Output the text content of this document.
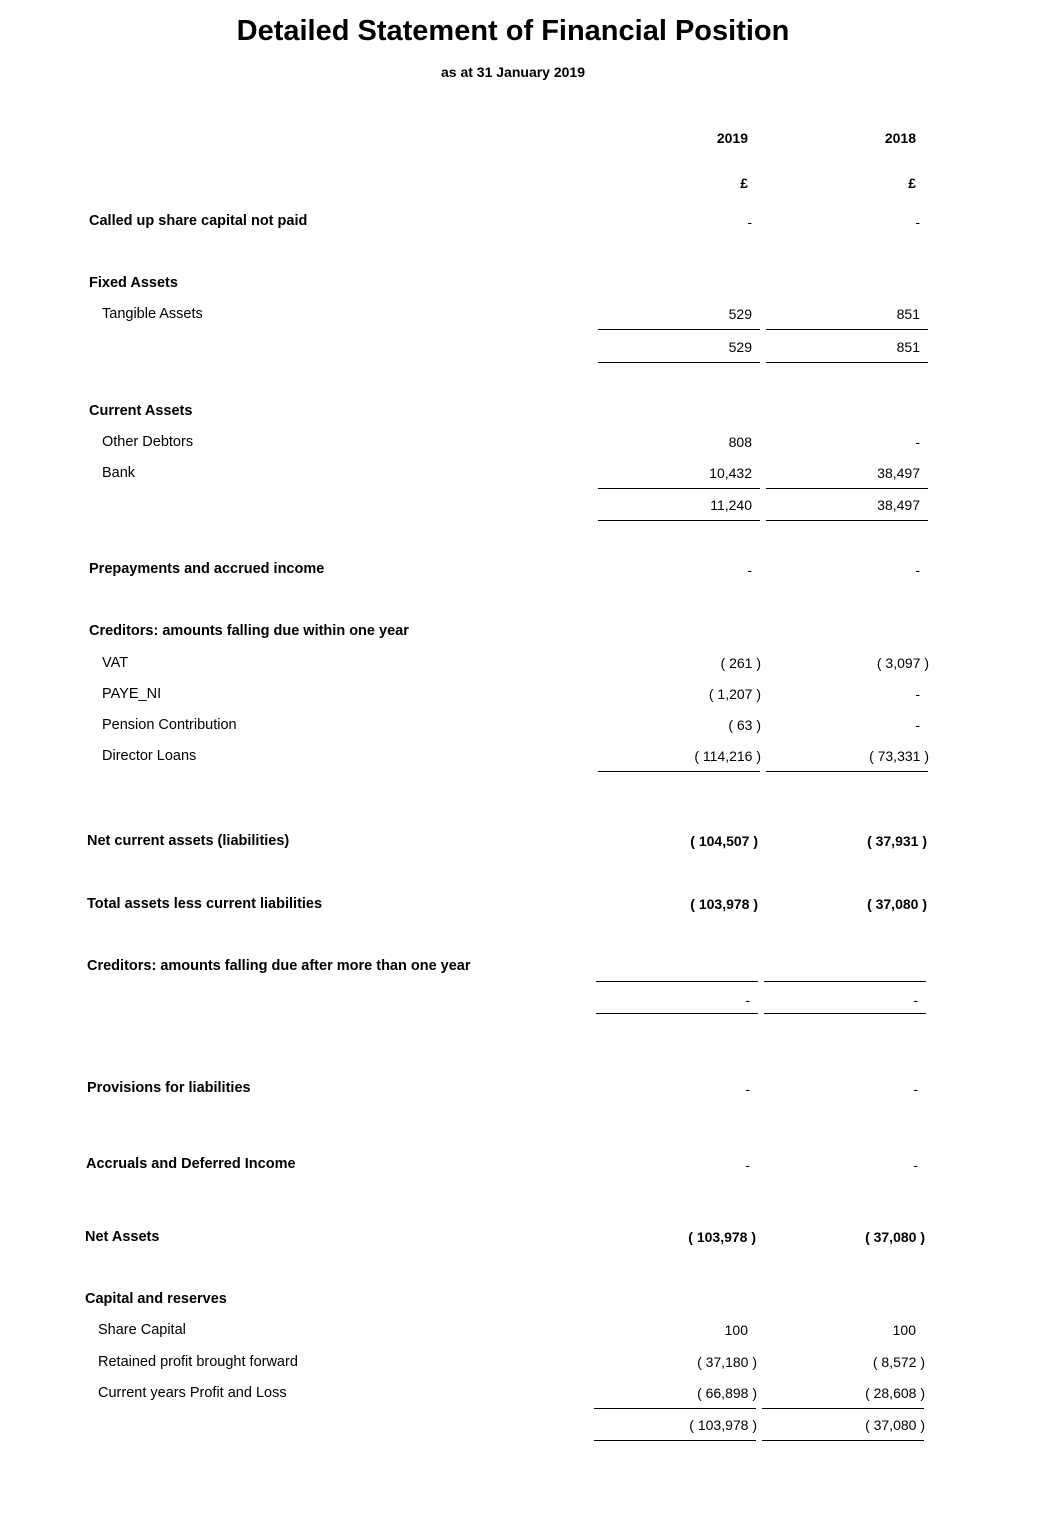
Detailed Statement of Financial Position
as at 31 January 2019
2019	2018
£	£
Called up share capital not paid	-	-
Fixed Assets
Tangible Assets	529	851
529	851
Current Assets
Other Debtors	808	-
Bank	10,432	38,497
11,240	38,497
Prepayments and accrued income	-	-
Creditors: amounts falling due within one year
VAT	( 261 )	( 3,097 )
PAYE_NI	( 1,207 )	-
Pension Contribution	( 63 )	-
Director Loans	( 114,216 )	( 73,331 )
Net current assets (liabilities)	( 104,507 )	( 37,931 )
Total assets less current liabilities	( 103,978 )	( 37,080 )
Creditors: amounts falling due after more than one year
-	-
Provisions for liabilities	-	-
Accruals and Deferred Income	-	-
Net Assets	( 103,978 )	( 37,080 )
Capital and reserves
Share Capital	100	100
Retained profit brought forward	( 37,180 )	( 8,572 )
Current years Profit and Loss	( 66,898 )	( 28,608 )
( 103,978 )	( 37,080 )
